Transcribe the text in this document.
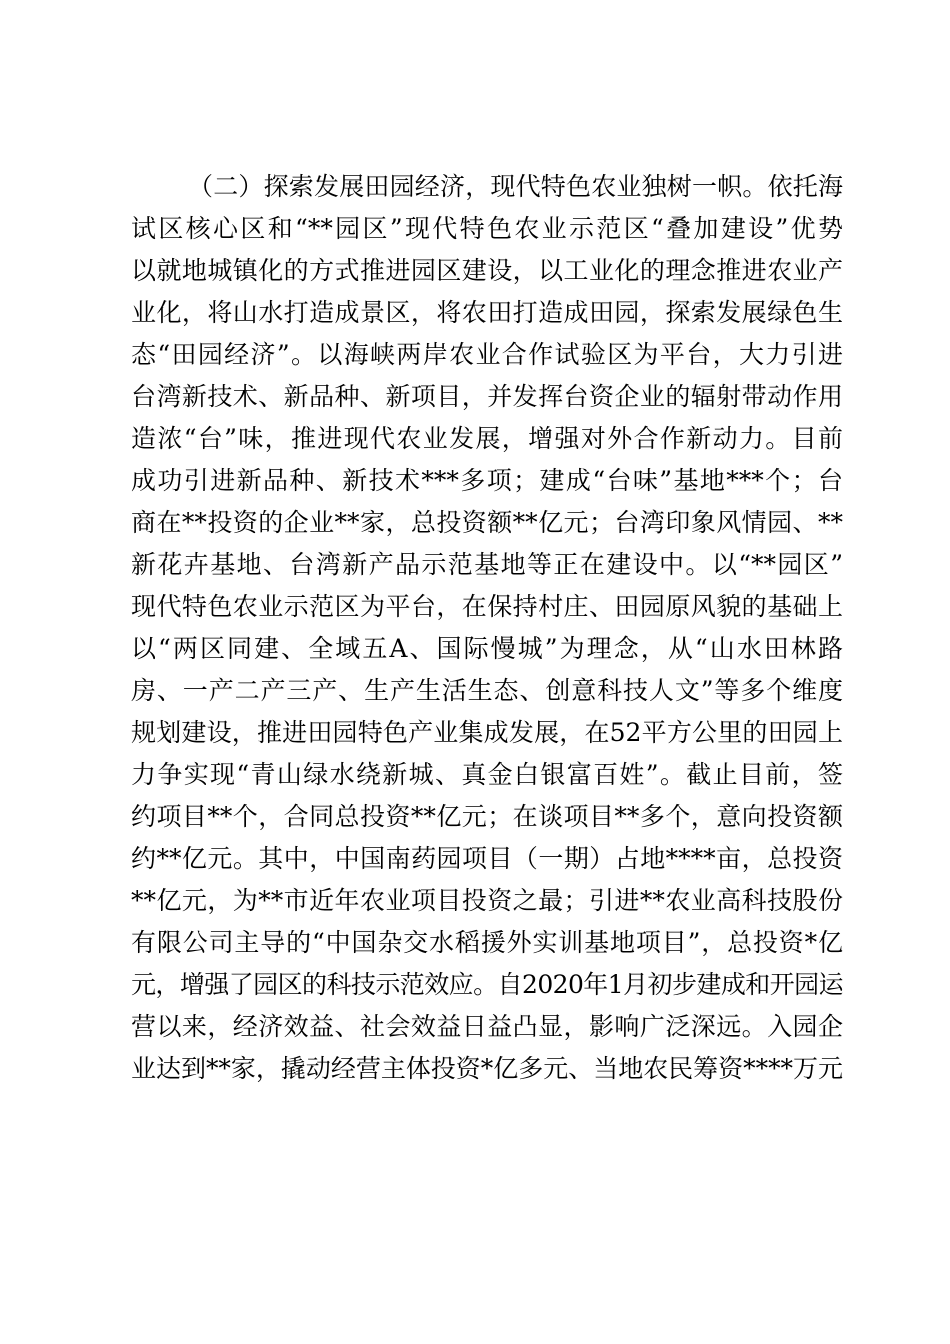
（二）探索发展田园经济，现代特色农业独树一帜。依托海
试区核心区和“**园区”现代特色农业示范区“叠加建设”优势
以就地城镇化的方式推进园区建设，以工业化的理念推进农业产
业化，将山水打造成景区，将农田打造成田园，探索发展绿色生
态“田园经济”。以海峡两岸农业合作试验区为平台，大力引进
台湾新技术、新品种、新项目，并发挥台资企业的辐射带动作用
造浓“台”味，推进现代农业发展，增强对外合作新动力。目前
成功引进新品种、新技术***多项；建成“台味”基地***个；台
商在**投资的企业**家，总投资额**亿元；台湾印象风情园、**
新花卉基地、台湾新产品示范基地等正在建设中。以“**园区”
现代特色农业示范区为平台，在保持村庄、田园原风貌的基础上
以“两区同建、全域五A、国际慢城”为理念，从“山水田林路
房、一产二产三产、生产生活生态、创意科技人文”等多个维度
规划建设，推进田园特色产业集成发展，在52平方公里的田园上
力争实现“青山绿水绕新城、真金白银富百姓”。截止目前，签
约项目**个，合同总投资**亿元；在谈项目**多个，意向投资额
约**亿元。其中，中国南药园项目（一期）占地****亩，总投资
**亿元，为**市近年农业项目投资之最；引进**农业高科技股份
有限公司主导的“中国杂交水稻援外实训基地项目”，总投资*亿
元，增强了园区的科技示范效应。自2020年1月初步建成和开园运
营以来，经济效益、社会效益日益凸显，影响广泛深远。入园企
业达到**家，撬动经营主体投资*亿多元、当地农民筹资****万元
